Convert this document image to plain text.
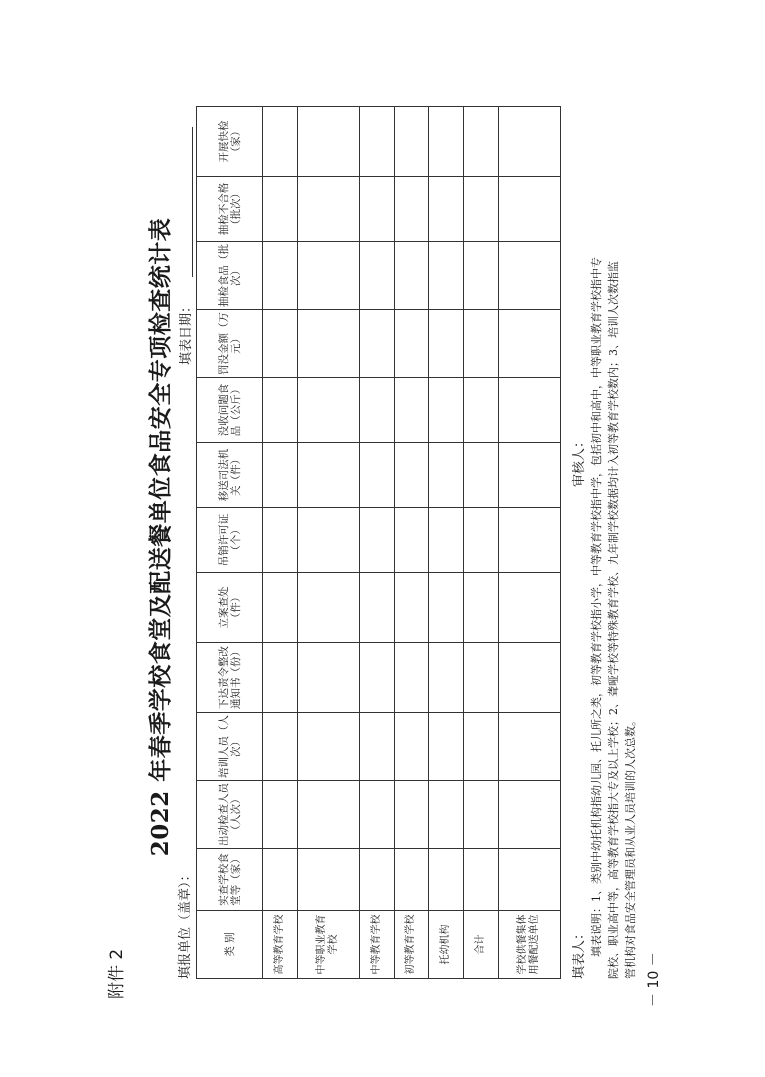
附件 2
2022 年春季学校食堂及配送餐单位食品安全专项检查统计表
填报单位（盖章）：
填表日期：
类 别	实查学校食堂等（家）	出动检查人员（人次）	培训人员（人次）	下达责令整改通知书（份）	立案查处（件）	吊销许可证（个）	移送司法机关（件）	没收问题食品（公斤）	罚没金额（万元）	抽检食品（批次）	抽检不合格（批次）	开展快检（家）
高等教育学校												
中等职业教育学校												
中等教育学校												
初等教育学校												
托幼机构												
合计												
学校供餐集体用餐配送单位													填表人：
审核人： 填表说明：1、类别中幼托机构指幼儿园、托儿所之类，初等教育学校指小学，中等教育学校指中学，包括初中和高中，中等职业教育学校指中专 院校、职业高中等，高等教育学校指大专及以上学校；2、聋哑学校等特殊教育学校、九年制学校数据均计入初等教育学校数内；3、培训人次数指监 管机构对食品安全管理员和从业人员培训的人次总数。
－ 10 －
